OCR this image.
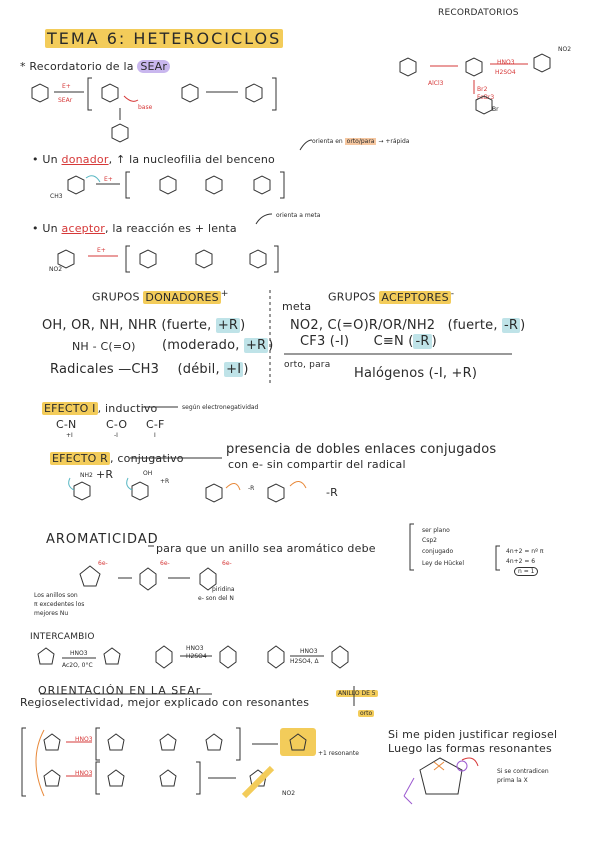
TEMA 6: HETEROCICLOS
RECORDATORIOS
HNO3
H2SO4
AlCl3
Br2
FeBr3
NO2
Br
* Recordatorio de la SEAr
E+
SEAr
base
• Un donador, ↑ la nucleofilia del benceno
orienta en orto/para → +rápida
E+
CH3
• Un aceptor, la reacción es + lenta
orienta a meta
E+
NO2
GRUPOS DONADORES +
OH, OR, NH, NHR (fuerte, +R )
NH - C(=O) (moderado, +R )
Radicales —CH3 (débil, +I )
GRUPOS ACEPTORES -
meta
NO2, C(=O)R/OR/NH2 (fuerte, -R )
CF3 (-I) C≡N ( -R )
orto, para
Halógenos (-I, +R)
EFECTO I , inductivo	según electronegatividad
C-N	C-O C-F
+I	-I	I
EFECTO R , conjugativo
presencia de dobles enlaces conjugados
con e- sin compartir del radical
NH2 +R	OH
+R
-R	-R
AROMATICIDAD
para que un anillo sea aromático debe
ser plano
Csp2
conjugado
Ley de Hückel
4n+2 = nº π
4n+2 = 6
n = 1
Los anillos son
π excedentes los
mejores Nu
6e-	6e-	6e-
piridina
e- son del N
INTERCAMBIO
HNO3
Ac2O, 0°C
HNO3
H2SO4
HNO3
H2SO4, Δ
ORIENTACIÓN EN LA SEAr
Regioselectividad, mejor explicado con resonantes
ANILLO DE 5
orto
HNO3
HNO3
NO2
+1 resonante
Si me piden justificar regiosel
Luego las formas resonantes
Si se contradicen
prima la X
